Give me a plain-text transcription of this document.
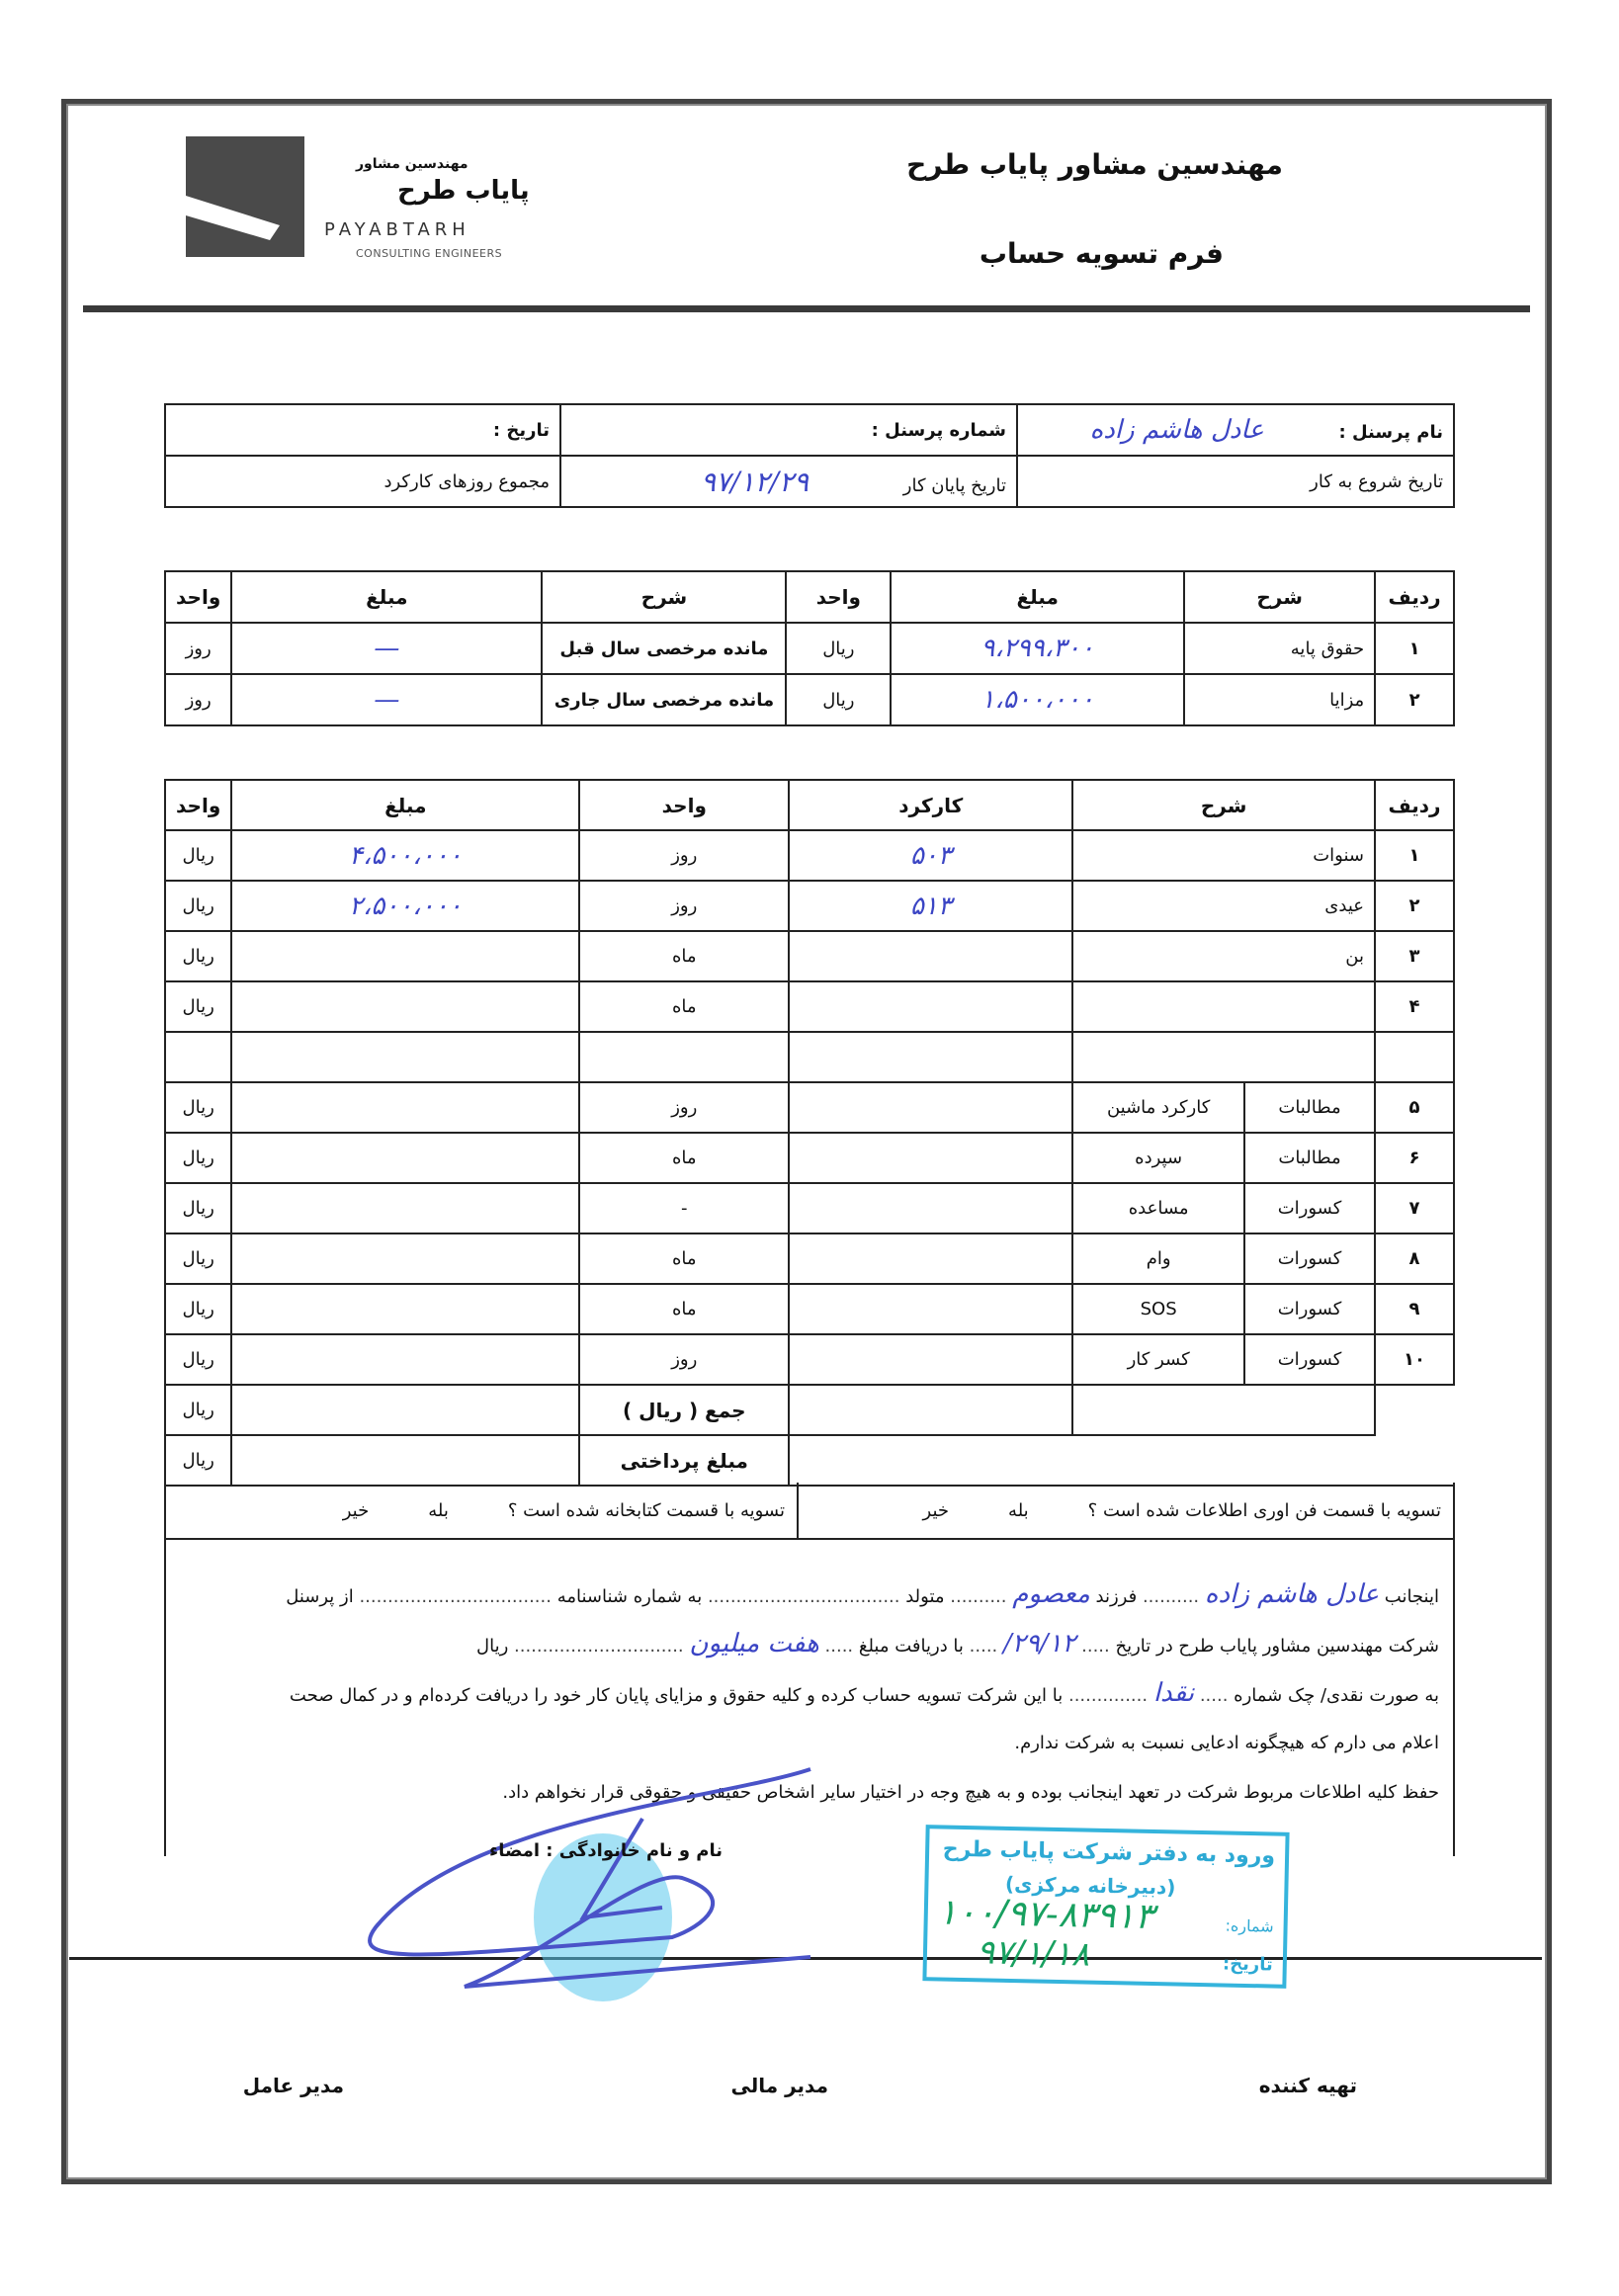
مهندسین مشاور
پایاب طرح
PAYABTARH
CONSULTING ENGINEERS
مهندسین مشاور پایاب طرح
فرم تسویه حساب
نام پرسنل : عادل هاشم زاده	شماره پرسنل :	تاریخ :
تاریخ شروع به کار	تاریخ پایان کار ۹۷/۱۲/۲۹	مجموع روزهای کارکرد
ردیف	شرح	مبلغ	واحد	شرح	مبلغ	واحد
۱	حقوق پایه	۹،۲۹۹،۳۰۰	ریال	مانده مرخصی سال قبل	—	روز
۲	مزایا	۱،۵۰۰،۰۰۰	ریال	مانده مرخصی سال جاری	—	روز
ردیف	شرح		کارکرد	واحد	مبلغ	واحد
۱	سنوات		۵۰۳	روز	۴،۵۰۰،۰۰۰	ریال
۲	عیدی		۵۱۳	روز	۲،۵۰۰،۰۰۰	ریال
۳	بن			ماه		ریال
۴				ماه		ریال

۵	مطالبات	کارکرد ماشین		روز		ریال
۶	مطالبات	سپرده		ماه		ریال
۷	کسورات	مساعده		-		ریال
۸	کسورات	وام		ماه		ریال
۹	کسورات	SOS		ماه		ریال
۱۰	کسورات	کسر کار		روز		ریال
				جمع ( ریال )		ریال
				مبلغ پرداختی		ریال
تسویه با قسمت فن اوری اطلاعات شده است ؟
بله
خیر
تسویه با قسمت کتابخانه شده است ؟
بله
خیر
اینجانب عادل هاشم زاده .......... فرزند معصوم .......... متولد .................................. به شماره شناسنامه .................................. از پرسنل
شرکت مهندسین مشاور پایاب طرح در تاریخ ..... ۲۹/۱۲/ ..... با دریافت مبلغ ..... هفت میلیون .............................. ریال
به صورت نقدی/ چک شماره ..... نقدا .............. با این شرکت تسویه حساب کرده و کلیه حقوق و مزایای پایان کار خود را دریافت کرده‌ام و در کمال صحت
اعلام می دارم که هیچگونه ادعایی نسبت به شرکت ندارم.
حفظ کلیه اطلاعات مربوط شرکت در تعهد اینجانب بوده و به هیچ وجه در اختیار سایر اشخاص حقیقی و حقوقی قرار نخواهم داد.
نام و نام خانوادگی : امضاء	ورود به دفتر شرکت پایاب طرح
(دبیرخانه مرکزی)
شماره:
۱۰۰/۹۷-۸۳۹۱۳
تاریخ:
۹۷/۱/۱۸
تهیه کننده
مدیر مالی
مدیر عامل
